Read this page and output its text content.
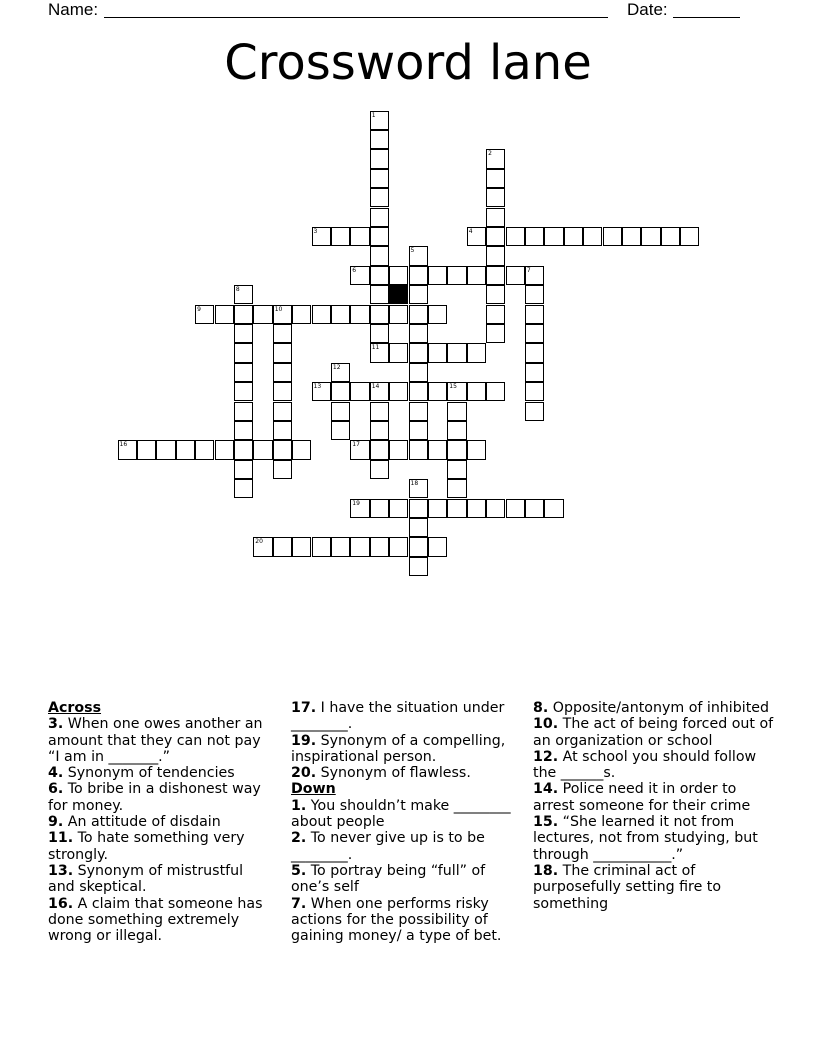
Name:	Date:
Crossword lane
1
11
2
3	4
5
6	7
8
9	10
12
13	14	15
16	17
18
19
20
Across
3. When one owes another an amount that they can not pay “I am in _______.”
4. Synonym of tendencies
6. To bribe in a dishonest way for money.
9. An attitude of disdain
11. To hate something very strongly.
13. Synonym of mistrustful and skeptical.
16. A claim that someone has done something extremely wrong or illegal.
17. I have the situation under ________.
19. Synonym of a compelling, inspirational person.
20. Synonym of flawless.
Down
1. You shouldn’t make ________ about people
2. To never give up is to be ________.
5. To portray being “full” of one’s self
7. When one performs risky actions for the possibility of gaining money/ a type of bet.
8. Opposite/antonym of inhibited
10. The act of being forced out of an organization or school
12. At school you should follow the ______s.
14. Police need it in order to arrest someone for their crime
15. “She learned it not from lectures, not from studying, but through ___________.”
18. The criminal act of purposefully setting fire to something
